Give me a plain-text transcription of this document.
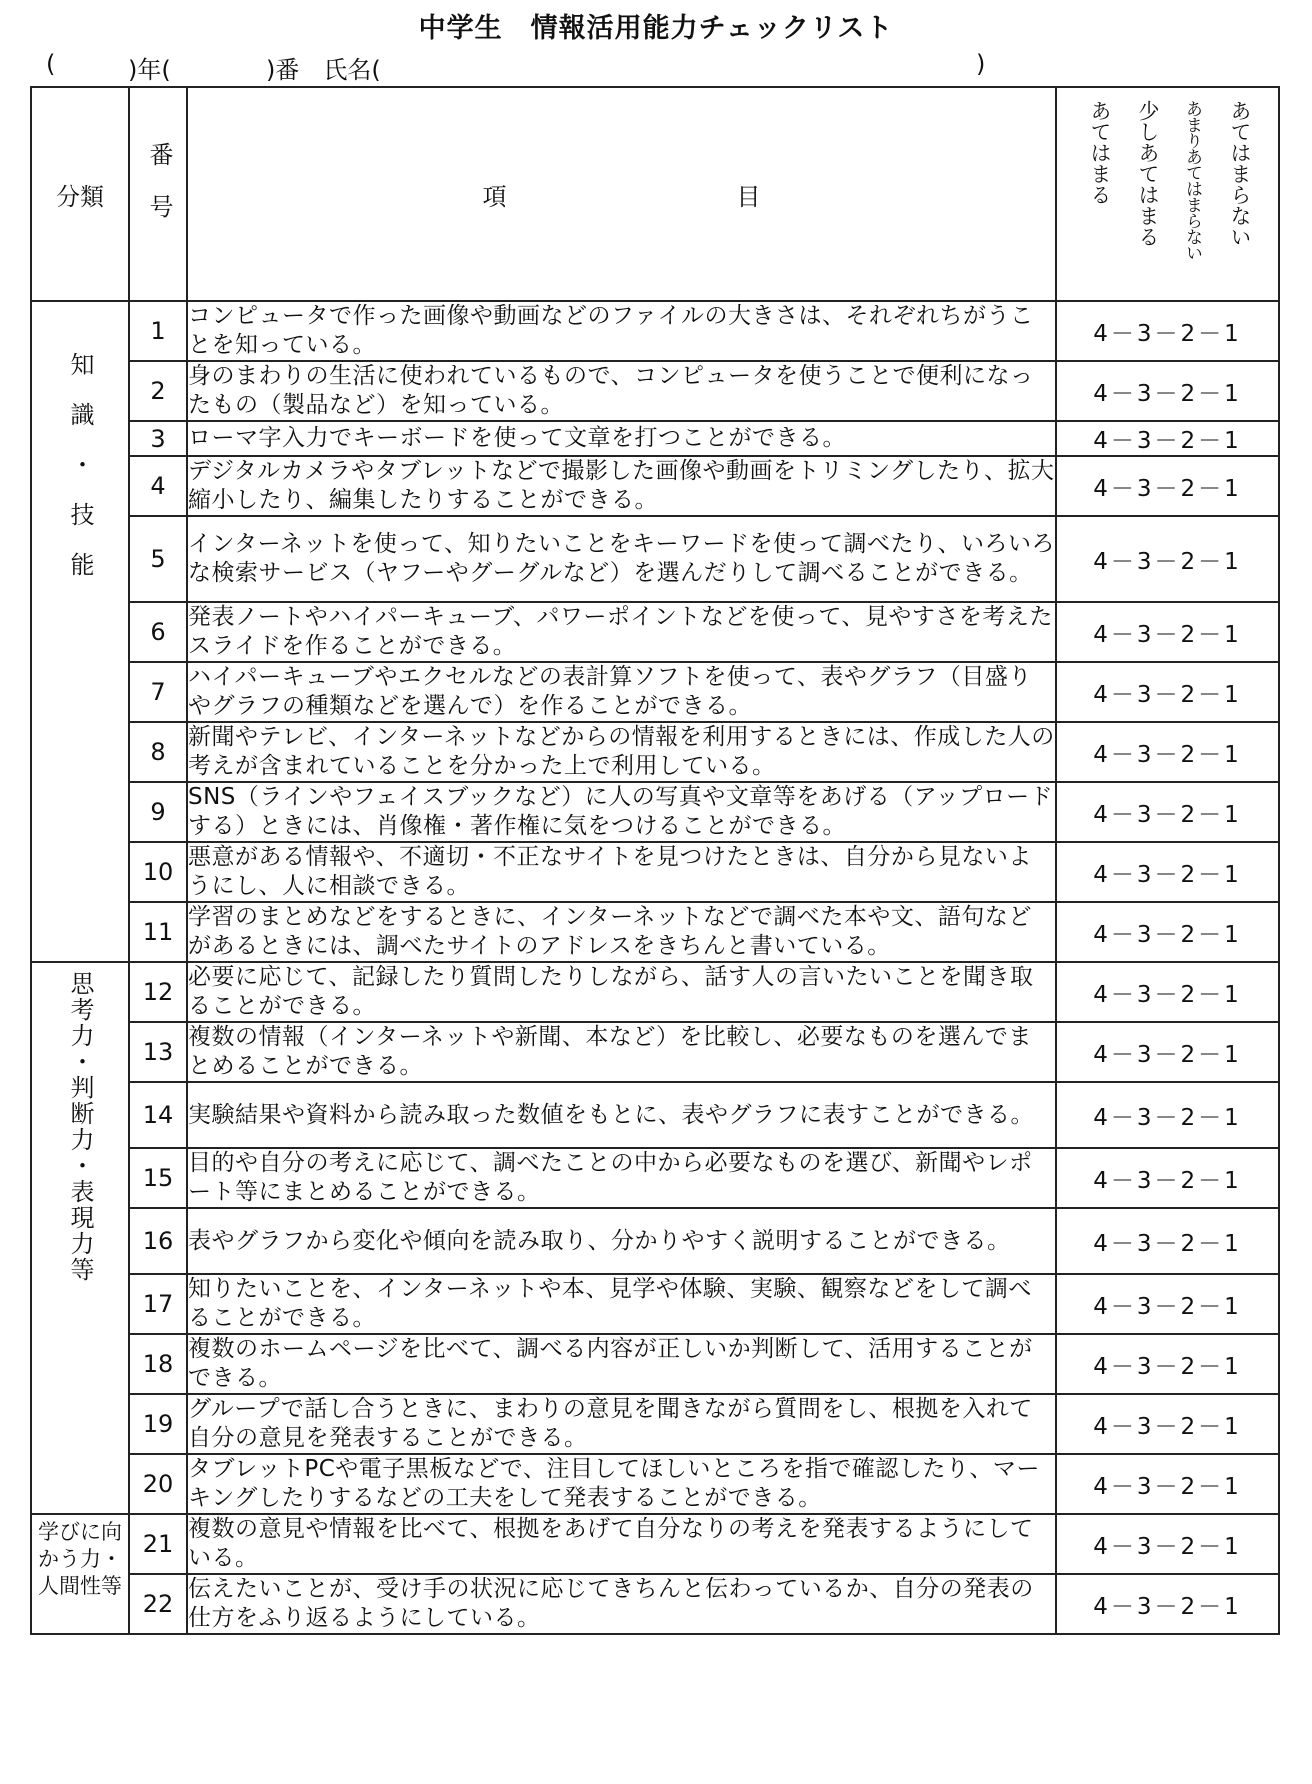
中学生　情報活用能力チェックリスト
(	)年(	)番　氏名(	)
分類	番号	項 目	あてはまる 少しあてはまる あまりあてはまらない あてはまらない

知識・技能	1	コンピュータで作った画像や動画などのファイルの大きさは、それぞれちがうことを知っている。	4－3－2－1
	2	身のまわりの生活に使われているもので、コンピュータを使うことで便利になったもの（製品など）を知っている。	4－3－2－1
	3	ローマ字入力でキーボードを使って文章を打つことができる。	4－3－2－1
	4	デジタルカメラやタブレットなどで撮影した画像や動画をトリミングしたり、拡大縮小したり、編集したりすることができる。	4－3－2－1
	5	インターネットを使って、知りたいことをキーワードを使って調べたり、いろいろな検索サービス（ヤフーやグーグルなど）を選んだりして調べることができる。	4－3－2－1
	6	発表ノートやハイパーキューブ、パワーポイントなどを使って、見やすさを考えたスライドを作ることができる。	4－3－2－1
	7	ハイパーキューブやエクセルなどの表計算ソフトを使って、表やグラフ（目盛りやグラフの種類などを選んで）を作ることができる。	4－3－2－1
	8	新聞やテレビ、インターネットなどからの情報を利用するときには、作成した人の考えが含まれていることを分かった上で利用している。	4－3－2－1
	9	SNS（ラインやフェイスブックなど）に人の写真や文章等をあげる（アップロードする）ときには、肖像権・著作権に気をつけることができる。	4－3－2－1
	10	悪意がある情報や、不適切・不正なサイトを見つけたときは、自分から見ないようにし、人に相談できる。	4－3－2－1
	11	学習のまとめなどをするときに、インターネットなどで調べた本や文、語句などがあるときには、調べたサイトのアドレスをきちんと書いている。	4－3－2－1
思考力・判断力・表現力等	12	必要に応じて、記録したり質問したりしながら、話す人の言いたいことを聞き取ることができる。	4－3－2－1
	13	複数の情報（インターネットや新聞、本など）を比較し、必要なものを選んでまとめることができる。	4－3－2－1
	14	実験結果や資料から読み取った数値をもとに、表やグラフに表すことができる。	4－3－2－1
	15	目的や自分の考えに応じて、調べたことの中から必要なものを選び、新聞やレポート等にまとめることができる。	4－3－2－1
	16	表やグラフから変化や傾向を読み取り、分かりやすく説明することができる。	4－3－2－1
	17	知りたいことを、インターネットや本、見学や体験、実験、観察などをして調べることができる。	4－3－2－1
	18	複数のホームページを比べて、調べる内容が正しいか判断して、活用することができる。	4－3－2－1
	19	グループで話し合うときに、まわりの意見を聞きながら質問をし、根拠を入れて自分の意見を発表することができる。	4－3－2－1
	20	タブレットPCや電子黒板などで、注目してほしいところを指で確認したり、マーキングしたりするなどの工夫をして発表することができる。	4－3－2－1

学びに向かう力・人間性等	21	複数の意見や情報を比べて、根拠をあげて自分なりの考えを発表するようにしている。	4－3－2－1
	22	伝えたいことが、受け手の状況に応じてきちんと伝わっているか、自分の発表の仕方をふり返るようにしている。	4－3－2－1
